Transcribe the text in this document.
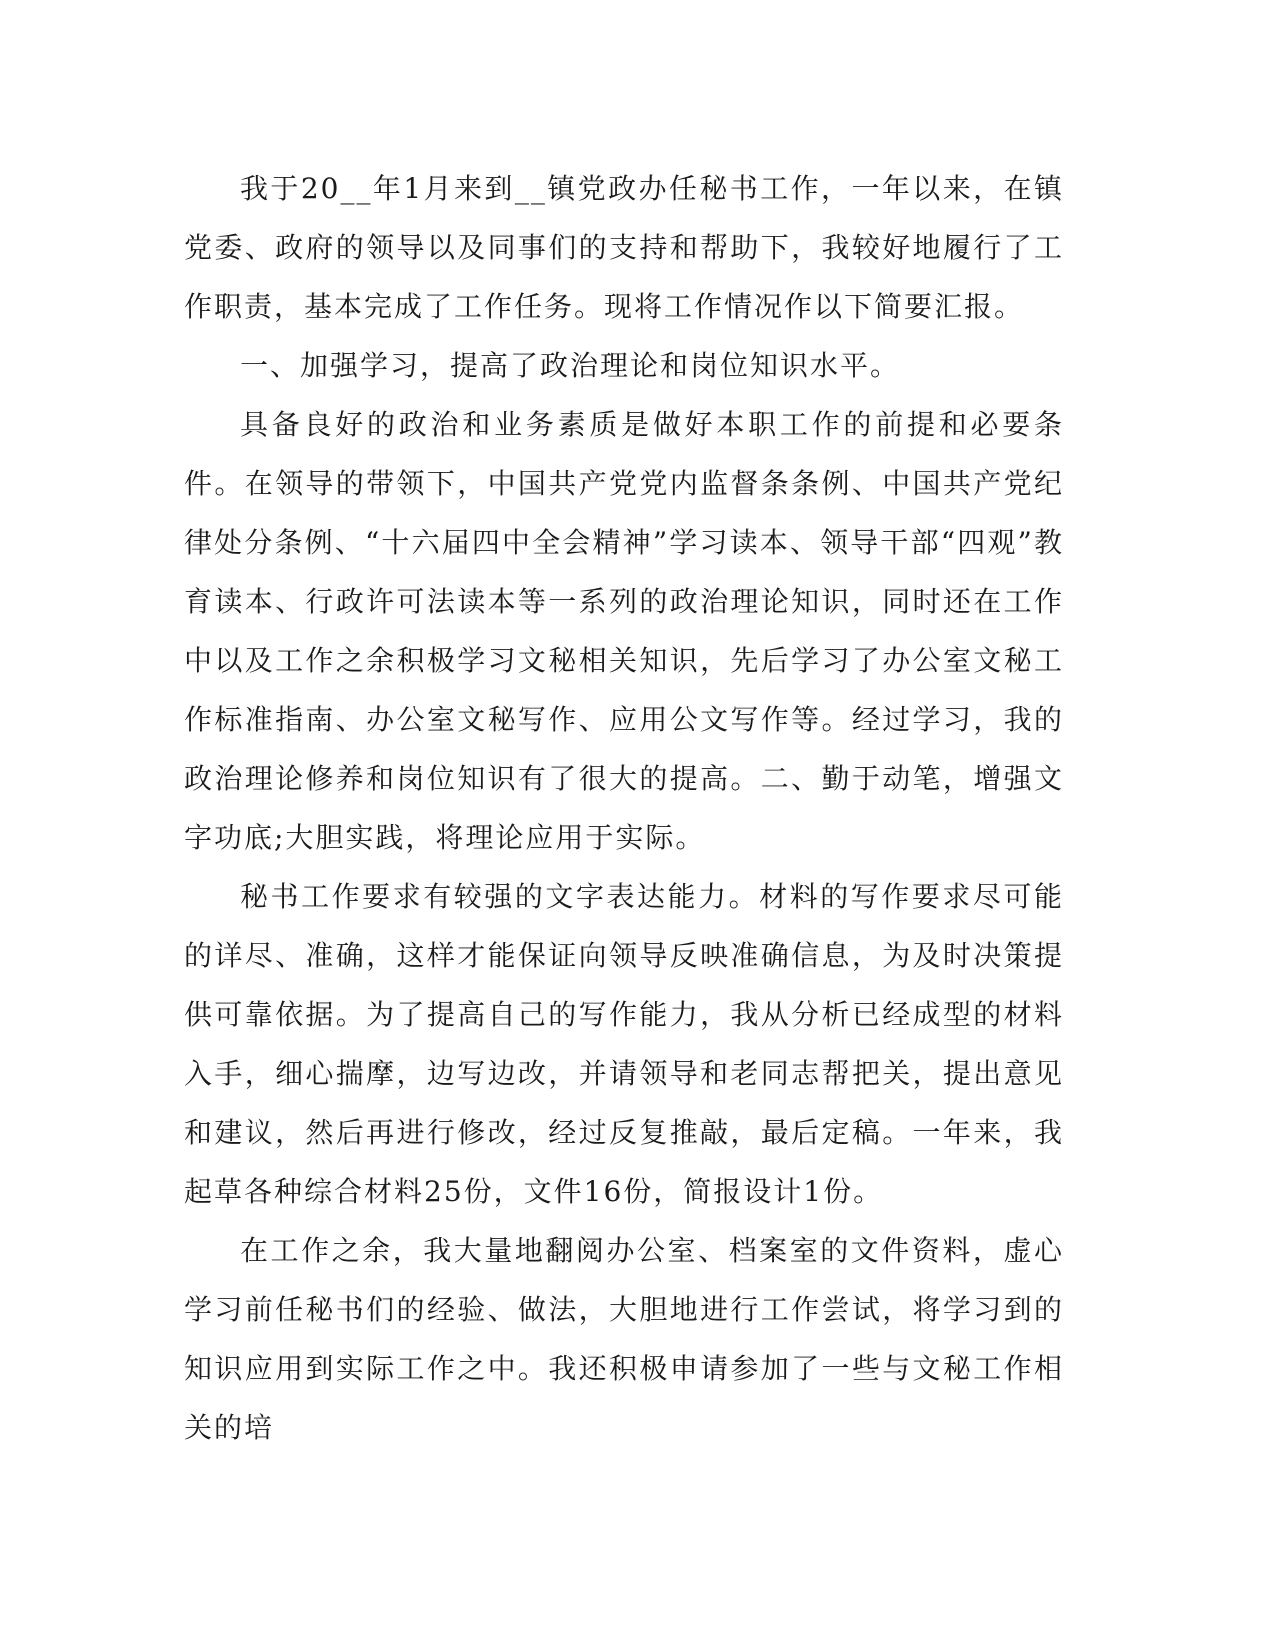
我于20__年1月来到__镇党政办任秘书工作，一年以来，在镇党委、政府的领导以及同事们的支持和帮助下，我较好地履行了工作职责，基本完成了工作任务。现将工作情况作以下简要汇报。

一、加强学习，提高了政治理论和岗位知识水平。

具备良好的政治和业务素质是做好本职工作的前提和必要条件。在领导的带领下，中国共产党党内监督条条例、中国共产党纪律处分条例、“十六届四中全会精神”学习读本、领导干部“四观”教育读本、行政许可法读本等一系列的政治理论知识，同时还在工作中以及工作之余积极学习文秘相关知识，先后学习了办公室文秘工作标准指南、办公室文秘写作、应用公文写作等。经过学习，我的政治理论修养和岗位知识有了很大的提高。二、勤于动笔，增强文字功底;大胆实践，将理论应用于实际。

秘书工作要求有较强的文字表达能力。材料的写作要求尽可能的详尽、准确，这样才能保证向领导反映准确信息，为及时决策提供可靠依据。为了提高自己的写作能力，我从分析已经成型的材料入手，细心揣摩，边写边改，并请领导和老同志帮把关，提出意见和建议，然后再进行修改，经过反复推敲，最后定稿。一年来，我起草各种综合材料25份，文件16份，简报设计1份。

在工作之余，我大量地翻阅办公室、档案室的文件资料，虚心学习前任秘书们的经验、做法，大胆地进行工作尝试，将学习到的知识应用到实际工作之中。我还积极申请参加了一些与文秘工作相关的培
